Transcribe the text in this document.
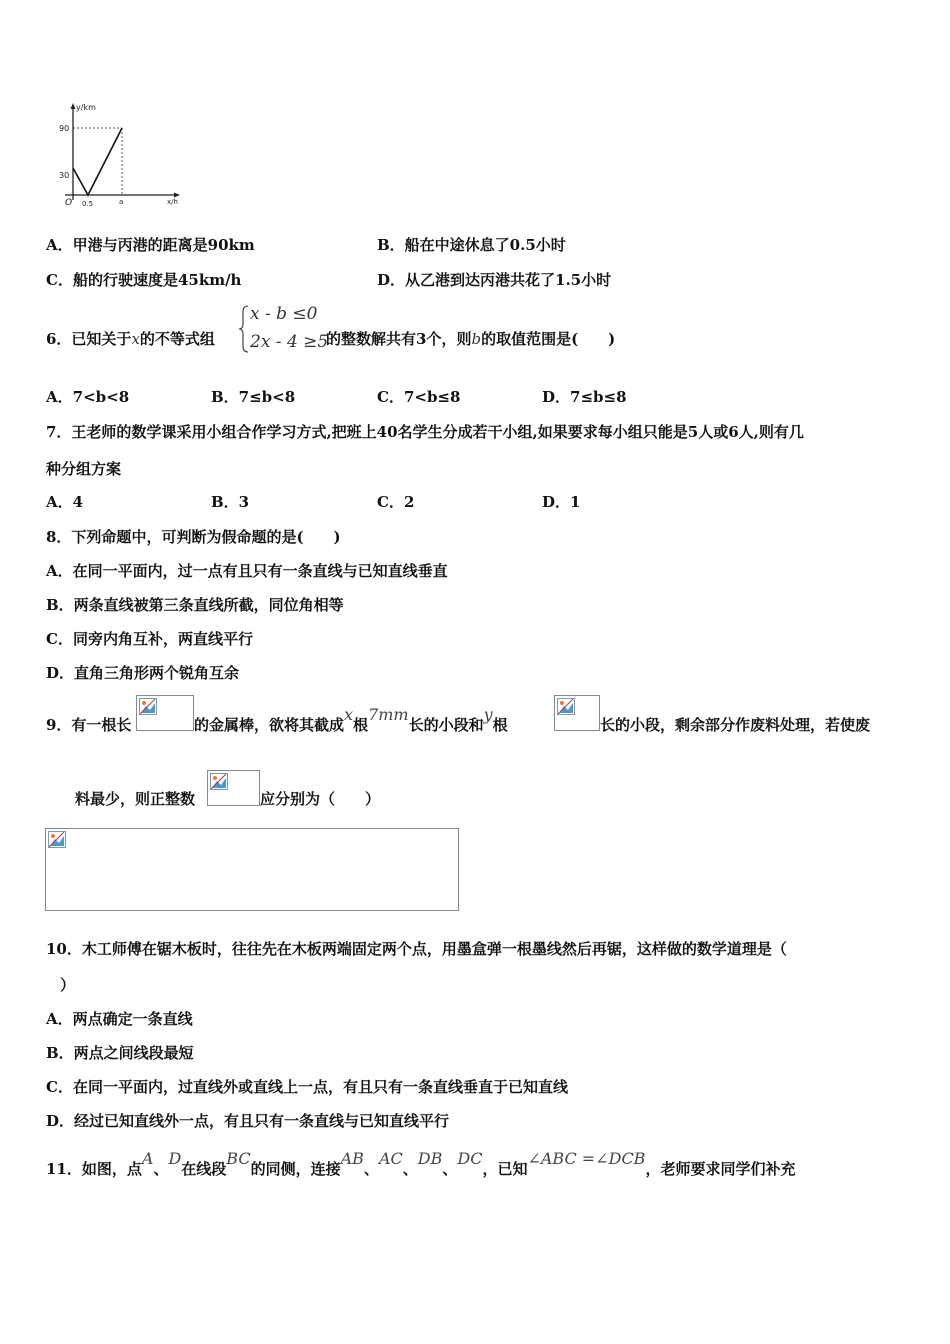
y/km
90
30
O 0.5	a	x/h
A．甲港与丙港的距离是90km	B．船在中途休息了0.5小时
C．船的行驶速度是45km/h	D．从乙港到达丙港共花了1.5小时
6．已知关于x的不等式组
x - b ≤0
2x - 4 ≥5
的整数解共有3个，则b的取值范围是(　　)
A．7<b<8	B．7≤b<8	C．7<b≤8	D．7≤b≤8
7．王老师的数学课采用小组合作学习方式,把班上40名学生分成若干小组,如果要求每小组只能是5人或6人,则有几
种分组方案
A．4	B．3	C．2	D．1
8．下列命题中，可判断为假命题的是(　　)
A．在同一平面内，过一点有且只有一条直线与已知直线垂直
B．两条直线被第三条直线所截，同位角相等
C．同旁内角互补，两直线平行
D．直角三角形两个锐角互余
9．有一根长	的金属棒，欲将其截成x根7mm长的小段和y根	长的小段，剩余部分作废料处理，若使废
料最少，则正整数	应分别为（　　）
10．木工师傅在锯木板时，往往先在木板两端固定两个点，用墨盒弹一根墨线然后再锯，这样做的数学道理是（
）
A．两点确定一条直线
B．两点之间线段最短
C．在同一平面内，过直线外或直线上一点，有且只有一条直线垂直于已知直线
D．经过已知直线外一点，有且只有一条直线与已知直线平行
11．如图，点A、D在线段BC的同侧，连接AB、AC、DB、DC，已知∠ABC =∠DCB，老师要求同学们补充
